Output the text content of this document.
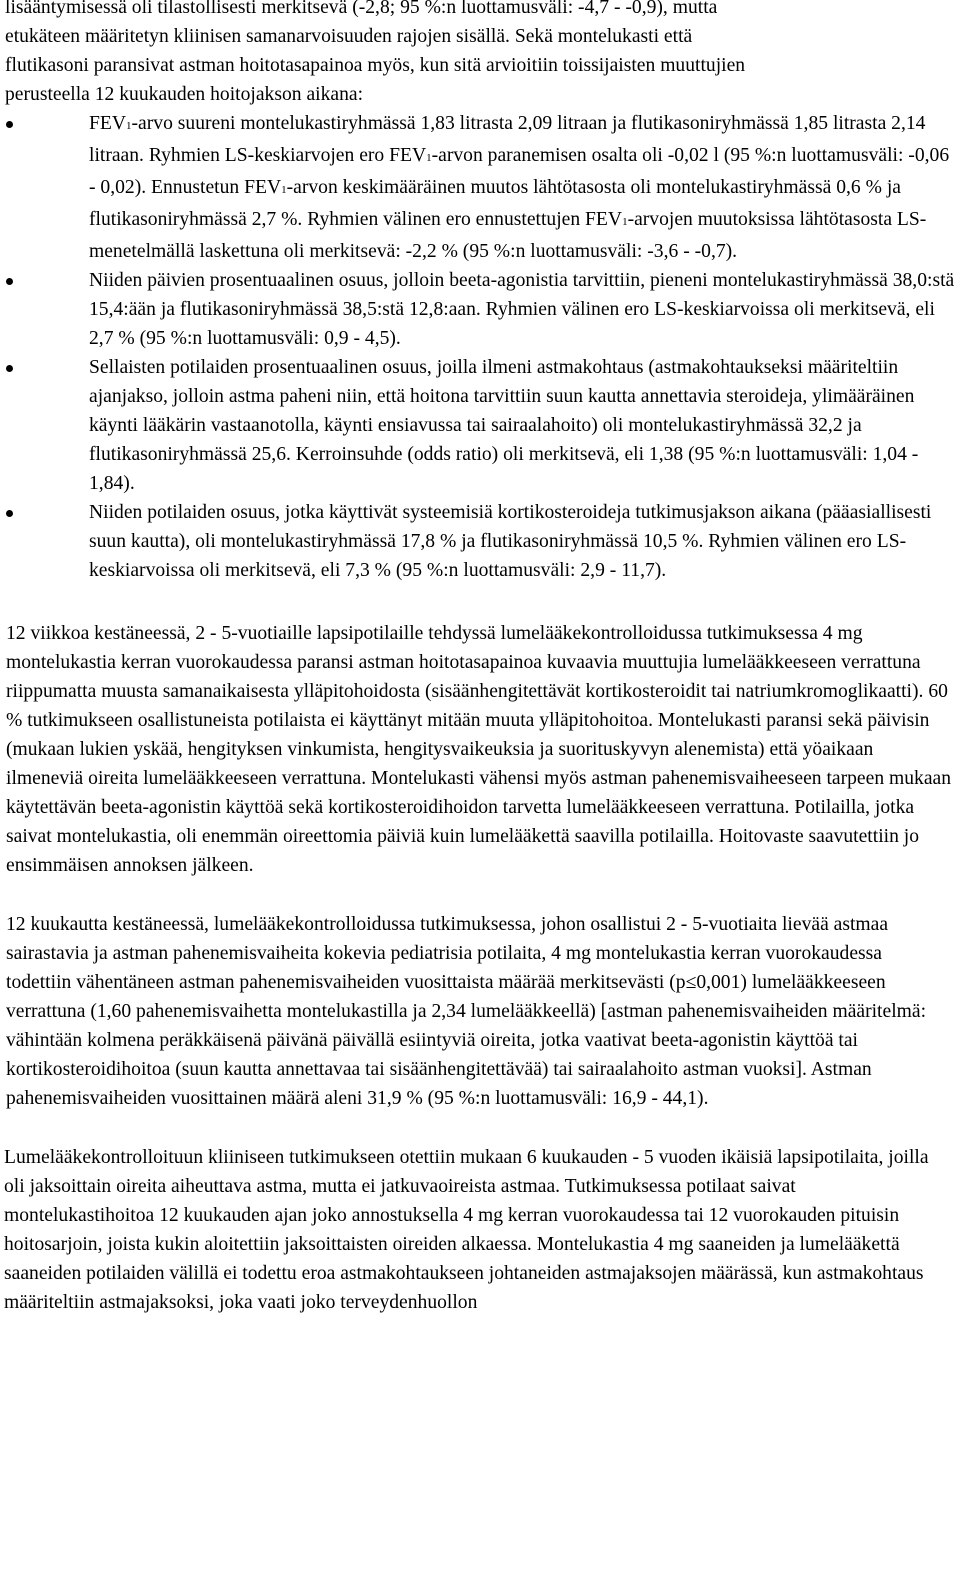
lisääntymisessä oli tilastollisesti merkitsevä (-2,8; 95 %:n luottamusväli: -4,7 - -0,9), mutta
etukäteen määritetyn kliinisen samanarvoisuuden rajojen sisällä. Sekä montelukasti että
flutikasoni paransivat astman hoitotasapainoa myös, kun sitä arvioitiin toissijaisten muuttujien
perusteella 12 kuukauden hoitojakson aikana:

FEV1-arvo suureni montelukastiryhmässä 1,83 litrasta 2,09 litraan ja flutikasoniryhmässä 1,85 litrasta 2,14 litraan. Ryhmien LS-keskiarvojen ero FEV1-arvon paranemisen osalta oli -0,02 l (95 %:n luottamusväli: -0,06 - 0,02). Ennustetun FEV1-arvon keskimääräinen muutos lähtötasosta oli montelukastiryhmässä 0,6 % ja flutikasoniryhmässä 2,7 %. Ryhmien välinen ero ennustettujen FEV1-arvojen muutoksissa lähtötasosta LS-menetelmällä laskettuna oli merkitsevä: -2,2 % (95 %:n luottamusväli: -3,6 - -0,7).
Niiden päivien prosentuaalinen osuus, jolloin beeta-agonistia tarvittiin, pieneni montelukastiryhmässä 38,0:stä 15,4:ään ja flutikasoniryhmässä 38,5:stä 12,8:aan. Ryhmien välinen ero LS-keskiarvoissa oli merkitsevä, eli 2,7 % (95 %:n luottamusväli: 0,9 - 4,5).
Sellaisten potilaiden prosentuaalinen osuus, joilla ilmeni astmakohtaus (astmakohtaukseksi määriteltiin ajanjakso, jolloin astma paheni niin, että hoitona tarvittiin suun kautta annettavia steroideja, ylimääräinen käynti lääkärin vastaanotolla, käynti ensiavussa tai sairaalahoito) oli montelukastiryhmässä 32,2 ja flutikasoniryhmässä 25,6. Kerroinsuhde (odds ratio) oli merkitsevä, eli 1,38 (95 %:n luottamusväli: 1,04 - 1,84).
Niiden potilaiden osuus, jotka käyttivät systeemisiä kortikosteroideja tutkimusjakson aikana (pääasiallisesti suun kautta), oli montelukastiryhmässä 17,8 % ja flutikasoniryhmässä 10,5 %. Ryhmien välinen ero LS-keskiarvoissa oli merkitsevä, eli 7,3 % (95 %:n luottamusväli: 2,9 - 11,7).

12 viikkoa kestäneessä, 2 - 5-vuotiaille lapsipotilaille tehdyssä lumelääkekontrolloidussa tutkimuksessa 4 mg montelukastia kerran vuorokaudessa paransi astman hoitotasapainoa kuvaavia muuttujia lumelääkkeeseen verrattuna riippumatta muusta samanaikaisesta ylläpitohoidosta (sisäänhengitettävät kortikosteroidit tai natriumkromoglikaatti). 60 % tutkimukseen osallistuneista potilaista ei käyttänyt mitään muuta ylläpitohoitoa. Montelukasti paransi sekä päivisin (mukaan lukien yskää, hengityksen vinkumista, hengitysvaikeuksia ja suorituskyvyn alenemista) että yöaikaan ilmeneviä oireita lumelääkkeeseen verrattuna. Montelukasti vähensi myös astman pahenemisvaiheeseen tarpeen mukaan käytettävän beeta-agonistin käyttöä sekä kortikosteroidihoidon tarvetta lumelääkkeeseen verrattuna. Potilailla, jotka saivat montelukastia, oli enemmän oireettomia päiviä kuin lumelääkettä saavilla potilailla. Hoitovaste saavutettiin jo ensimmäisen annoksen jälkeen.

12 kuukautta kestäneessä, lumelääkekontrolloidussa tutkimuksessa, johon osallistui 2 - 5-vuotiaita lievää astmaa sairastavia ja astman pahenemisvaiheita kokevia pediatrisia potilaita, 4 mg montelukastia kerran vuorokaudessa todettiin vähentäneen astman pahenemisvaiheiden vuosittaista määrää merkitsevästi (p≤0,001) lumelääkkeeseen verrattuna (1,60 pahenemisvaihetta montelukastilla ja 2,34 lumelääkkeellä) [astman pahenemisvaiheiden määritelmä: vähintään kolmena peräkkäisenä päivänä päivällä esiintyviä oireita, jotka vaativat beeta-agonistin käyttöä tai kortikosteroidihoitoa (suun kautta annettavaa tai sisäänhengitettävää) tai sairaalahoito astman vuoksi]. Astman pahenemisvaiheiden vuosittainen määrä aleni 31,9 % (95 %:n luottamusväli: 16,9 - 44,1).

Lumelääkekontrolloituun kliiniseen tutkimukseen otettiin mukaan 6 kuukauden - 5 vuoden ikäisiä lapsipotilaita, joilla oli jaksoittain oireita aiheuttava astma, mutta ei jatkuvaoireista astmaa. Tutkimuksessa potilaat saivat montelukastihoitoa 12 kuukauden ajan joko annostuksella 4 mg kerran vuorokaudessa tai 12 vuorokauden pituisin hoitosarjoin, joista kukin aloitettiin jaksoittaisten oireiden alkaessa. Montelukastia 4 mg saaneiden ja lumelääkettä saaneiden potilaiden välillä ei todettu eroa astmakohtaukseen johtaneiden astmajaksojen määrässä, kun astmakohtaus määriteltiin astmajaksoksi, joka vaati joko terveydenhuollon
